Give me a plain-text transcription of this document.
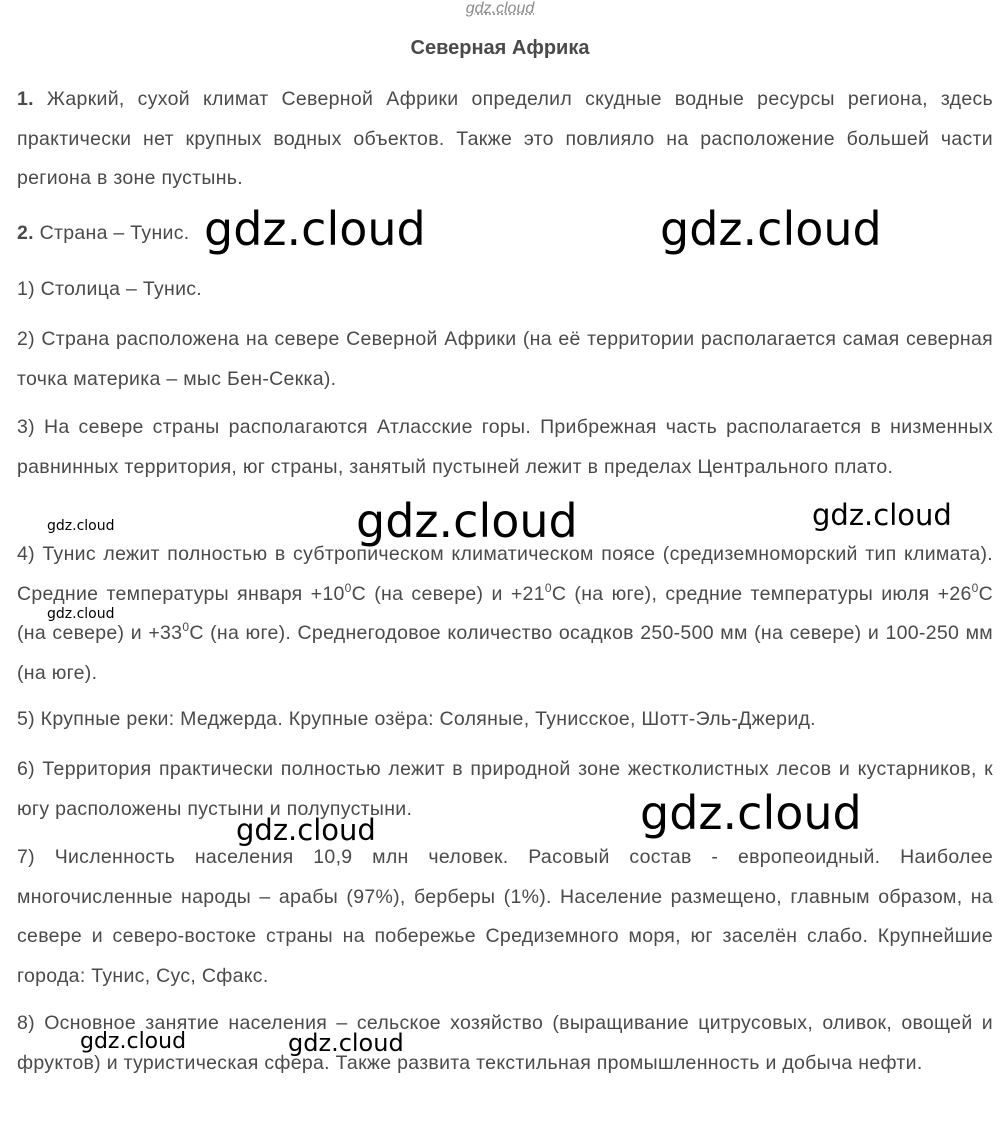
gdz.cloud
Северная Африка
1. Жаркий, сухой климат Северной Африки определил скудные водные ресурсы региона, здесь практически нет крупных водных объектов. Также это повлияло на расположение большей части региона в зоне пустынь.
2. Страна – Тунис.
1) Столица – Тунис.
2) Страна расположена на севере Северной Африки (на её территории располагается самая северная точка материка – мыс Бен-Секка).
3) На севере страны располагаются Атласские горы. Прибрежная часть располагается в низменных равнинных территория, юг страны, занятый пустыней лежит в пределах Центрального плато.
4) Тунис лежит полностью в субтропическом климатическом поясе (средиземноморский тип климата). Средние температуры января $+10^0С$ (на севере) $и +21^0С$ (на юге), средние температуры июля $+26^0С$ (на севере) $и +33^0С$ (на юге). Среднегодовое количество осадков 250-500 мм (на севере) и 100-250 мм (на юге).
5) Крупные реки: Меджерда. Крупные озёра: Соляные, Тунисское, Шотт-Эль-Джерид.
6) Территория практически полностью лежит в природной зоне жестколистных лесов и кустарников, к югу расположены пустыни и полупустыни.
7) Численность населения 10,9 млн человек. Расовый состав - европеоидный. Наиболее многочисленные народы – арабы (97%), берберы (1%). Население размещено, главным образом, на севере и северо-востоке страны на побережье Средиземного моря, юг заселён слабо. Крупнейшие города: Тунис, Сус, Сфакс.
8) Основное занятие населения – сельское хозяйство (выращивание цитрусовых, оливок, овощей и фруктов) и туристическая сфера. Также развита текстильная промышленность и добыча нефти.
gdz.cloud	gdz.cloud
gdz.cloud	gdz.cloud
gdz.cloud
gdz.cloud
gdz.cloud
gdz.cloud
gdz.cloud	gdz.cloud
